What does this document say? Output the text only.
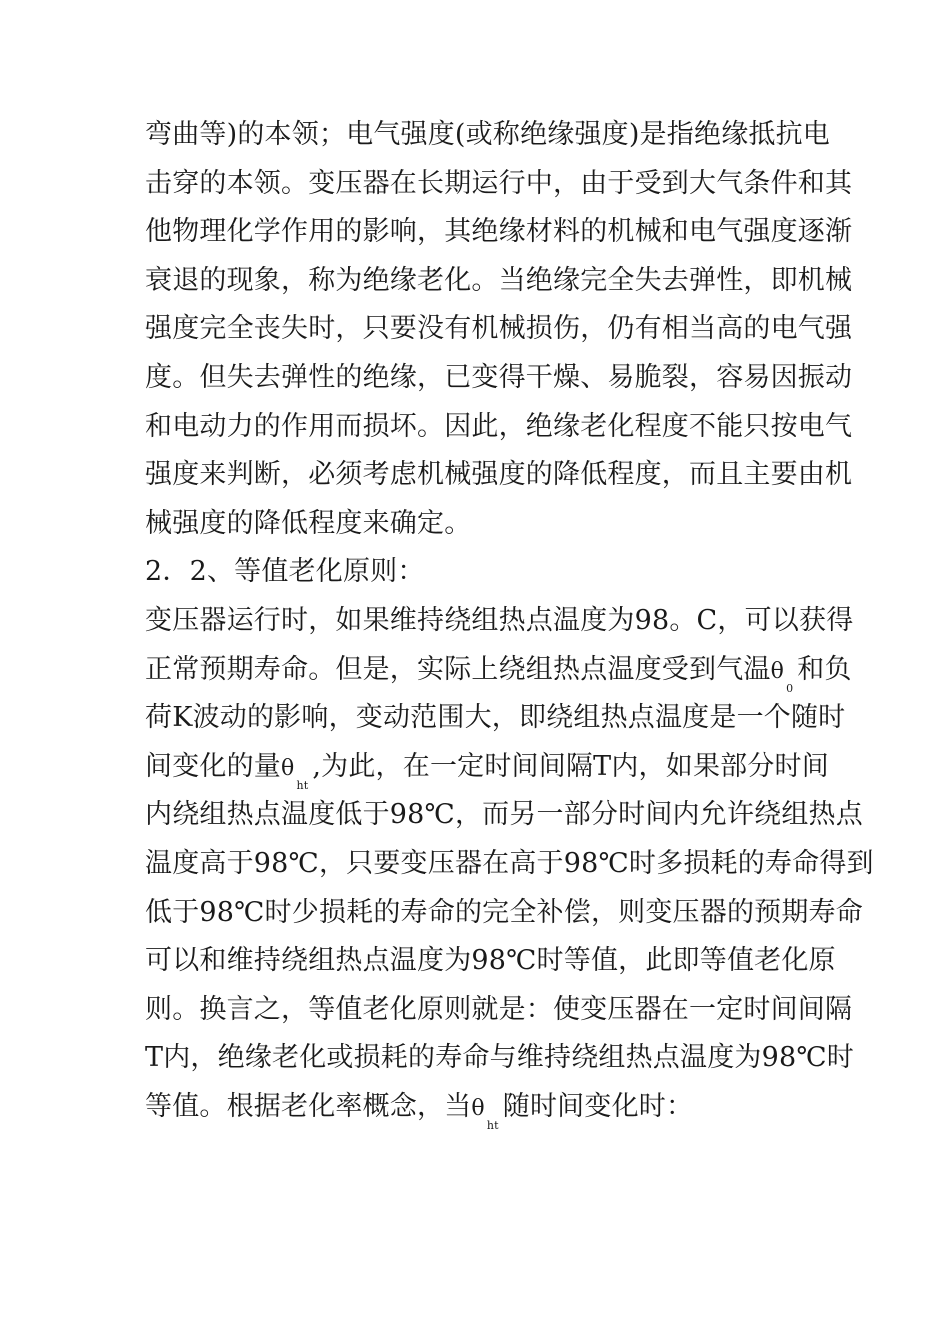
弯曲等)的本领；电气强度(或称绝缘强度)是指绝缘抵抗电
击穿的本领。变压器在长期运行中，由于受到大气条件和其
他物理化学作用的影响，其绝缘材料的机械和电气强度逐渐
衰退的现象，称为绝缘老化。当绝缘完全失去弹性，即机械
强度完全丧失时，只要没有机械损伤，仍有相当高的电气强
度。但失去弹性的绝缘，已变得干燥、易脆裂，容易因振动
和电动力的作用而损坏。因此，绝缘老化程度不能只按电气
强度来判断，必须考虑机械强度的降低程度，而且主要由机
械强度的降低程度来确定。
2．2、等值老化原则：
变压器运行时，如果维持绕组热点温度为98。C，可以获得
正常预期寿命。但是，实际上绕组热点温度受到气温$\theta_0$和负
荷K波动的影响，变动范围大，即绕组热点温度是一个随时
间变化的量$\theta_{ht}$,为此，在一定时间间隔T内，如果部分时间
内绕组热点温度低于98℃，而另一部分时间内允许绕组热点
温度高于98℃，只要变压器在高于98℃时多损耗的寿命得到
低于98℃时少损耗的寿命的完全补偿，则变压器的预期寿命
可以和维持绕组热点温度为98℃时等值，此即等值老化原
则。换言之，等值老化原则就是：使变压器在一定时间间隔
T内，绝缘老化或损耗的寿命与维持绕组热点温度为98℃时
等值。根据老化率概念，当$\theta_{ht}$随时间变化时：
